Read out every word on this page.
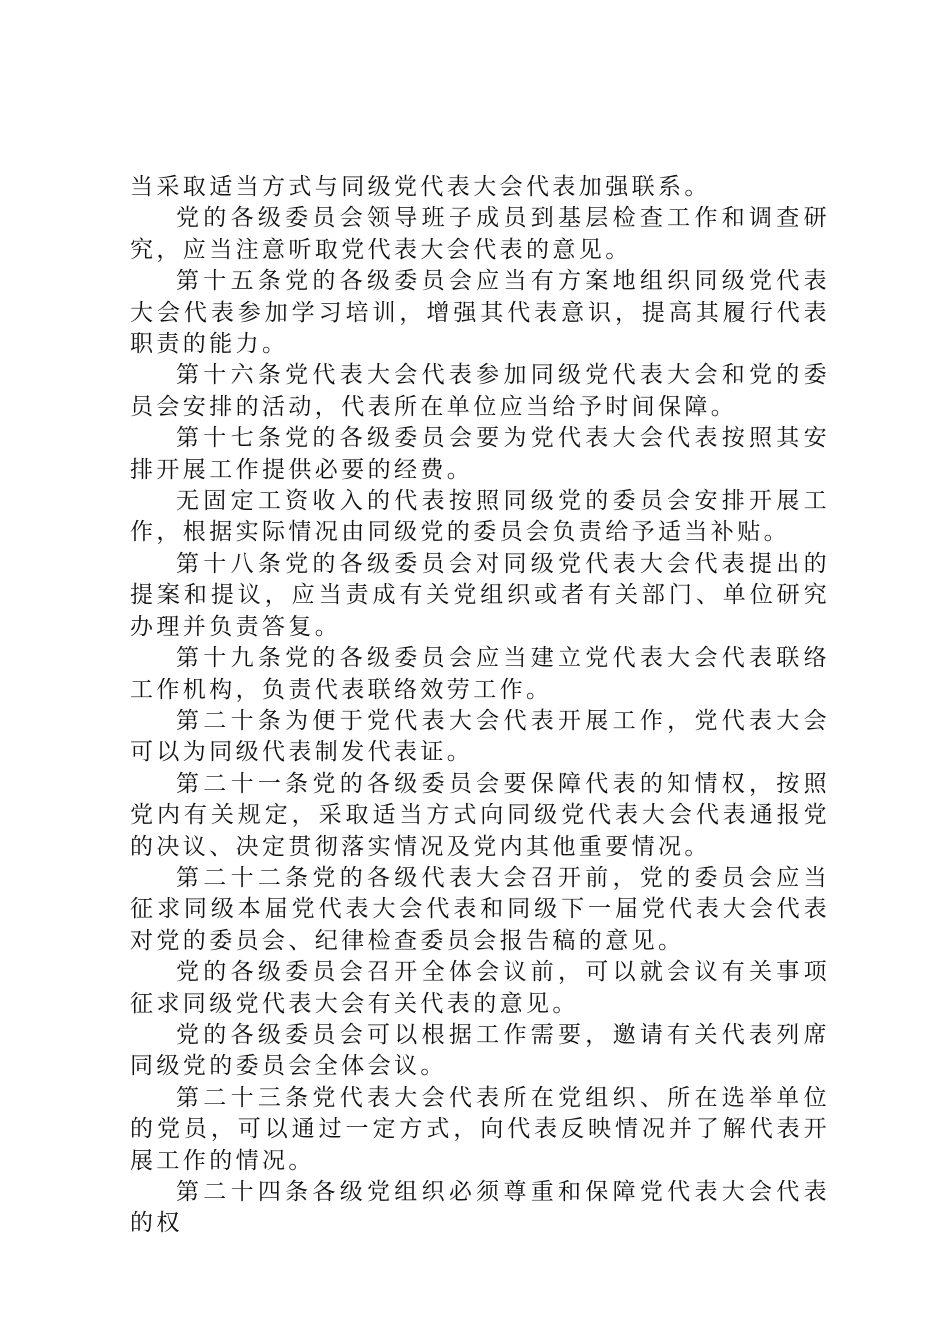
当采取适当方式与同级党代表大会代表加强联系。

党的各级委员会领导班子成员到基层检查工作和调查研究，应当注意听取党代表大会代表的意见。

第十五条党的各级委员会应当有方案地组织同级党代表大会代表参加学习培训，增强其代表意识，提高其履行代表职责的能力。

第十六条党代表大会代表参加同级党代表大会和党的委员会安排的活动，代表所在单位应当给予时间保障。

第十七条党的各级委员会要为党代表大会代表按照其安排开展工作提供必要的经费。

无固定工资收入的代表按照同级党的委员会安排开展工作，根据实际情况由同级党的委员会负责给予适当补贴。

第十八条党的各级委员会对同级党代表大会代表提出的提案和提议，应当责成有关党组织或者有关部门、单位研究办理并负责答复。

第十九条党的各级委员会应当建立党代表大会代表联络工作机构，负责代表联络效劳工作。

第二十条为便于党代表大会代表开展工作，党代表大会可以为同级代表制发代表证。

第二十一条党的各级委员会要保障代表的知情权，按照党内有关规定，采取适当方式向同级党代表大会代表通报党的决议、决定贯彻落实情况及党内其他重要情况。

第二十二条党的各级代表大会召开前，党的委员会应当征求同级本届党代表大会代表和同级下一届党代表大会代表对党的委员会、纪律检查委员会报告稿的意见。

党的各级委员会召开全体会议前，可以就会议有关事项征求同级党代表大会有关代表的意见。

党的各级委员会可以根据工作需要，邀请有关代表列席同级党的委员会全体会议。

第二十三条党代表大会代表所在党组织、所在选举单位的党员，可以通过一定方式，向代表反映情况并了解代表开展工作的情况。

第二十四条各级党组织必须尊重和保障党代表大会代表的权
